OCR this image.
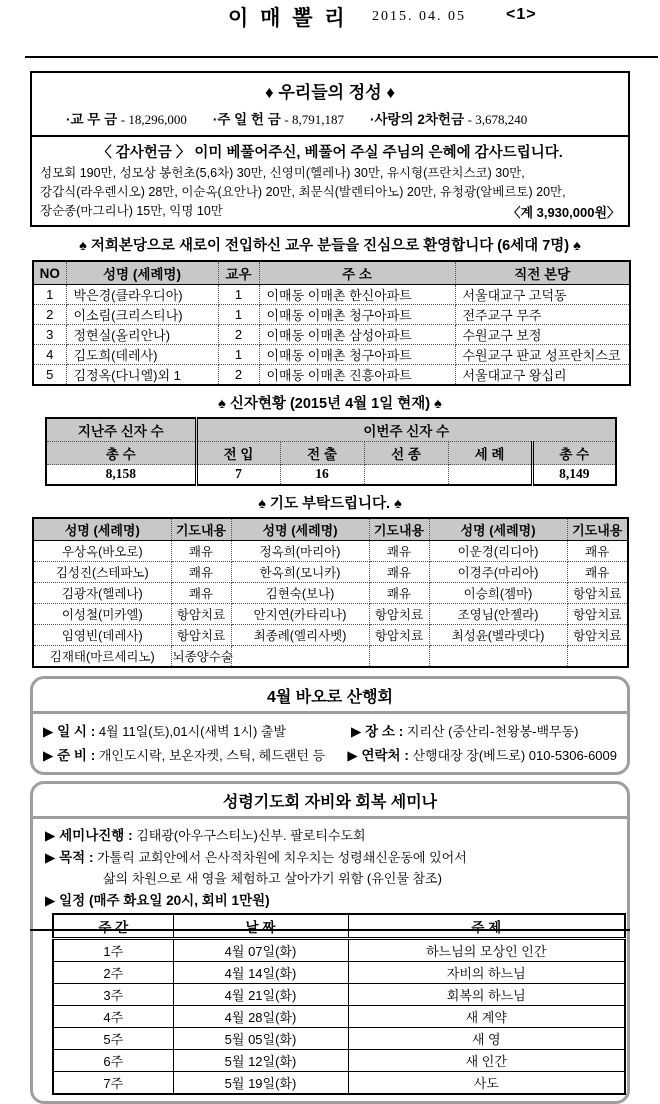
이 매 뽈 리 2015. 04. 05	<1>
♦ 우리들의 정성 ♦
·교 무 금 - 18,296,000 ·주 일 헌 금 - 8,791,187 ·사랑의 2차헌금 - 3,678,240
〈 감사헌금 〉 이미 베풀어주신, 베풀어 주실 주님의 은혜에 감사드립니다.
성모회 190만, 성모상 봉헌초(5,6차) 30만, 신영미(헬레나) 30만, 유시형(프란치스코) 30만,
강갑식(라우렌시오) 28만, 이순옥(요안나) 20만, 최문식(발렌티아노) 20만, 유청광(알베르토) 20만,
장순종(마그리나) 15만, 익명 10만	〈계 3,930,000원〉
♠ 저희본당으로 새로이 전입하신 교우 분들을 진심으로 환영합니다 (6세대 7명) ♠
NO	성명 (세례명)	교우	주 소	직전 본당
1	박은경(클라우디아)	1	이매동 이매촌 한신아파트	서울대교구 고덕동
2	이소림(크리스티나)	1	이매동 이매촌 청구아파트	전주교구 무주
3	정현실(올리안나)	2	이매동 이매촌 삼성아파트	수원교구 보정
4	김도희(데레사)	1	이매동 이매촌 청구아파트	수원교구 판교 성프란치스코
5	김정옥(다니엘)외 1	2	이매동 이매촌 진흥아파트	서울대교구 왕십리
♠ 신자현황 (2015년 4월 1일 현재) ♠
지난주 신자 수	이번주 신자 수				
총 수	전 입	전 출	선 종	세 례	총 수
8,158	7	16			8,149
♠ 기도 부탁드립니다. ♠
성명 (세례명)	기도내용	성명 (세례명)	기도내용	성명 (세례명)	기도내용
우상옥(바오로)	쾌유	정옥희(마리아)	쾌유	이운경(리디아)	쾌유
김성진(스테파노)	쾌유	한옥희(모니카)	쾌유	이경주(마리아)	쾌유
김광자(헬레나)	쾌유	김현숙(보나)	쾌유	이승희(젬마)	항암치료
이성철(미카엘)	항암치료	안지연(카타리나)	항암치료	조영님(안젤라)	항암치료
임영빈(데레사)	항암치료	최종례(엘리사벳)	항암치료	최성윤(벨라뎃다)	항암치료
김재태(마르세리노)	뇌종양수술				
4월 바오로 산행회
▶ 일 시 : 4월 11일(토),01시(새벽 1시) 출발	▶ 장 소 : 지리산 (중산리-천왕봉-백무동)
▶ 준 비 : 개인도시락, 보온자켓, 스틱, 헤드랜턴 등	▶ 연락처 : 산행대장 장(베드로) 010-5306-6009
성령기도회 자비와 회복 세미나
▶ 세미나진행 : 김태광(아우구스티노)신부. 팔로티수도회
▶ 목적 : 가톨릭 교회안에서 은사적차원에 치우치는 성령쇄신운동에 있어서
삶의 차원으로 새 영을 체험하고 살아가기 위함 (유인물 참조)
▶ 일정 (매주 화요일 20시, 회비 1만원)
주 간	날 짜	주 제
1주	4월 07일(화)	하느님의 모상인 인간
2주	4월 14일(화)	자비의 하느님
3주	4월 21일(화)	회복의 하느님
4주	4월 28일(화)	새 계약
5주	5월 05일(화)	새 영
6주	5월 12일(화)	새 인간
7주	5월 19일(화)	사도
